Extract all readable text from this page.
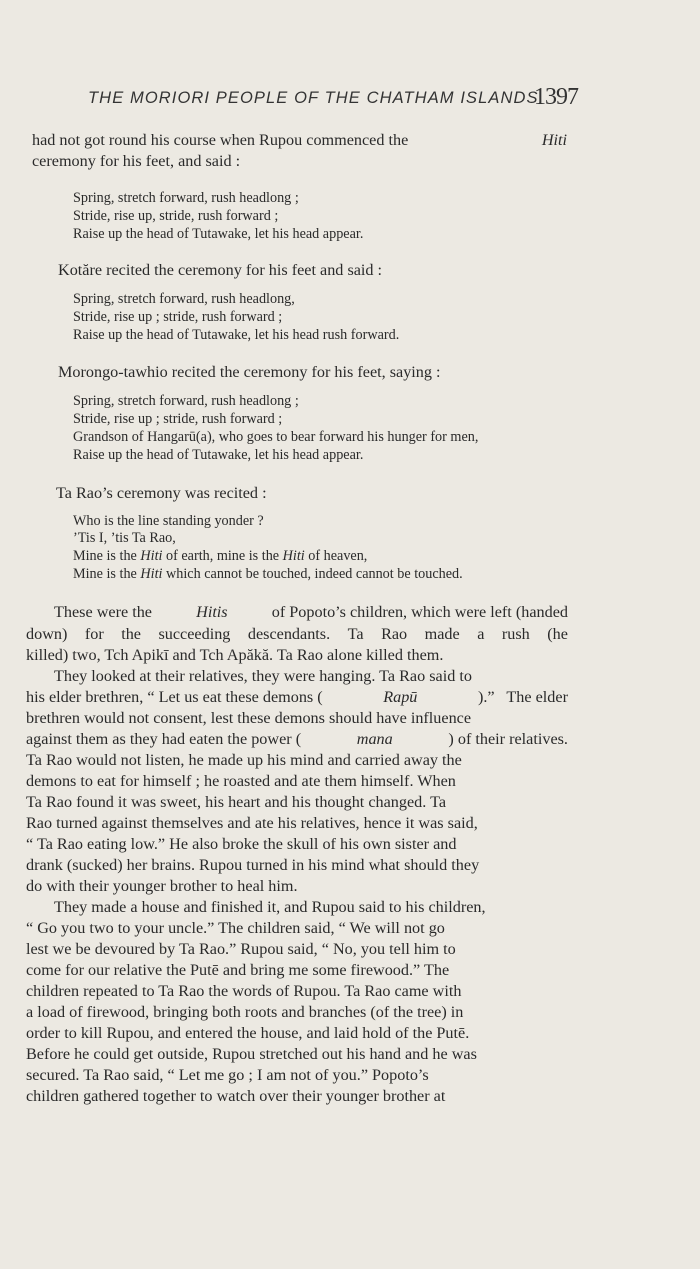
THE MORIORI PEOPLE OF THE CHATHAM ISLANDS.
1397
had not got round his course when Rupou commenced the	Hiti
ceremony for his feet, and said :
Spring, stretch forward, rush headlong ;
Stride, rise up, stride, rush forward ;
Raise up the head of Tutawake, let his head appear.
Kotăre recited the ceremony for his feet and said :
Spring, stretch forward, rush headlong,
Stride, rise up ; stride, rush forward ;
Raise up the head of Tutawake, let his head rush forward.
Morongo-tawhio recited the ceremony for his feet, saying :
Spring, stretch forward, rush headlong ;
Stride, rise up ; stride, rush forward ;
Grandson of Hangarū(a), who goes to bear forward his hunger for men,
Raise up the head of Tutawake, let his head appear.
Ta Rao’s ceremony was recited :
Who is the line standing yonder ?
’Tis I, ’tis Ta Rao,
Mine is the Hiti of earth, mine is the Hiti of heaven,
Mine is the Hiti which cannot be touched, indeed cannot be touched.
These were the	Hitis	of Popoto’s children, which were left (handed
down) for the succeeding descendants. Ta Rao made a rush (he
killed) two, Tch Apikī and Tch Apăkă. Ta Rao alone killed them.
They looked at their relatives, they were hanging. Ta Rao said to
his elder brethren, “ Let us eat these demons (	Rapū	).”   The elder
brethren would not consent, lest these demons should have influence
against them as they had eaten the power (	mana	) of their relatives.
Ta Rao would not listen, he made up his mind and carried away the
demons to eat for himself ; he roasted and ate them himself. When
Ta Rao found it was sweet, his heart and his thought changed. Ta
Rao turned against themselves and ate his relatives, hence it was said,
“ Ta Rao eating low.” He also broke the skull of his own sister and
drank (sucked) her brains. Rupou turned in his mind what should they
do with their younger brother to heal him.
They made a house and finished it, and Rupou said to his children,
“ Go you two to your uncle.” The children said, “ We will not go
lest we be devoured by Ta Rao.” Rupou said, “ No, you tell him to
come for our relative the Putē and bring me some firewood.” The
children repeated to Ta Rao the words of Rupou. Ta Rao came with
a load of firewood, bringing both roots and branches (of the tree) in
order to kill Rupou, and entered the house, and laid hold of the Putē.
Before he could get outside, Rupou stretched out his hand and he was
secured. Ta Rao said, “ Let me go ; I am not of you.” Popoto’s
children gathered together to watch over their younger brother at
